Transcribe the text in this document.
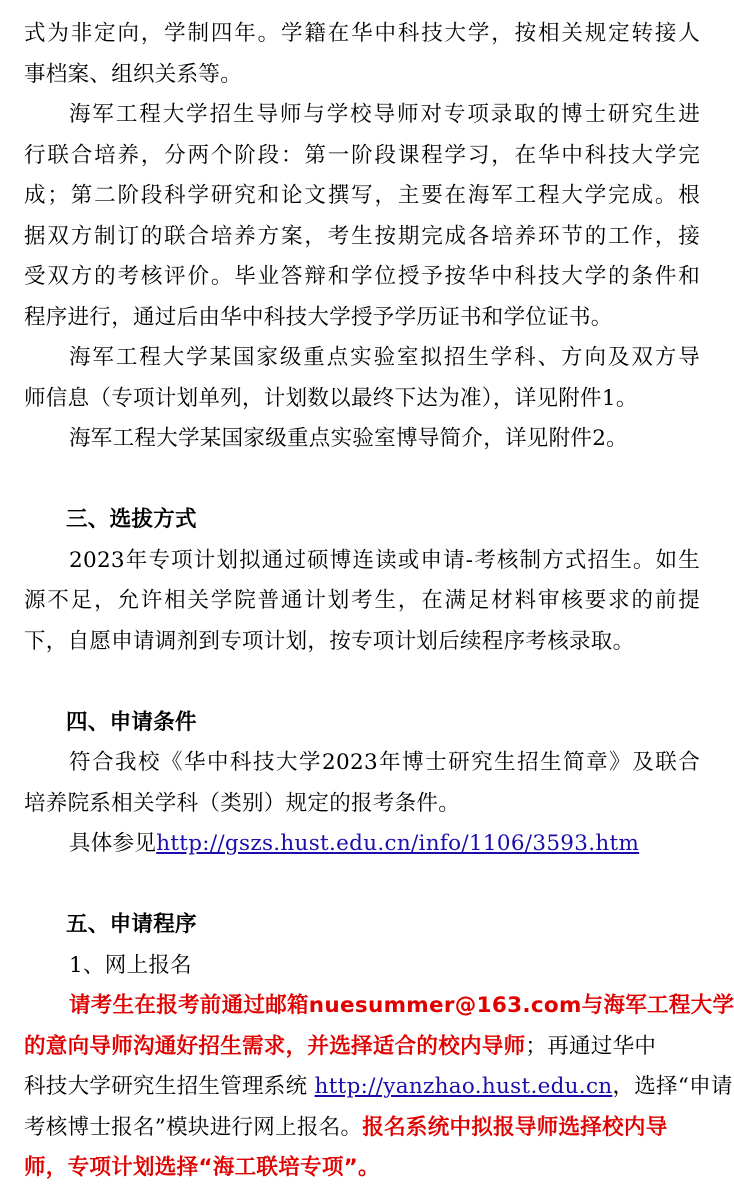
式为非定向，学制四年。学籍在华中科技大学，按相关规定转接人
事档案、组织关系等。
海军工程大学招生导师与学校导师对专项录取的博士研究生进
行联合培养，分两个阶段：第一阶段课程学习，在华中科技大学完
成；第二阶段科学研究和论文撰写，主要在海军工程大学完成。根
据双方制订的联合培养方案，考生按期完成各培养环节的工作，接
受双方的考核评价。毕业答辩和学位授予按华中科技大学的条件和
程序进行，通过后由华中科技大学授予学历证书和学位证书。
海军工程大学某国家级重点实验室拟招生学科、方向及双方导
师信息（专项计划单列，计划数以最终下达为准），详见附件1。
海军工程大学某国家级重点实验室博导简介，详见附件2。
三、选拔方式
2023年专项计划拟通过硕博连读或申请-考核制方式招生。如生
源不足，允许相关学院普通计划考生，在满足材料审核要求的前提
下，自愿申请调剂到专项计划，按专项计划后续程序考核录取。
四、申请条件
符合我校《华中科技大学2023年博士研究生招生简章》及联合
培养院系相关学科（类别）规定的报考条件。
具体参见http://gszs.hust.edu.cn/info/1106/3593.htm
五、申请程序
1、网上报名
请考生在报考前通过邮箱nuesummer@163.com与海军工程大学
的意向导师沟通好招生需求，并选择适合的校内导师；再通过华中
科技大学研究生招生管理系统 http://yanzhao.hust.edu.cn，选择“申请
考核博士报名”模块进行网上报名。报名系统中拟报导师选择校内导
师，专项计划选择“海工联培专项”。
